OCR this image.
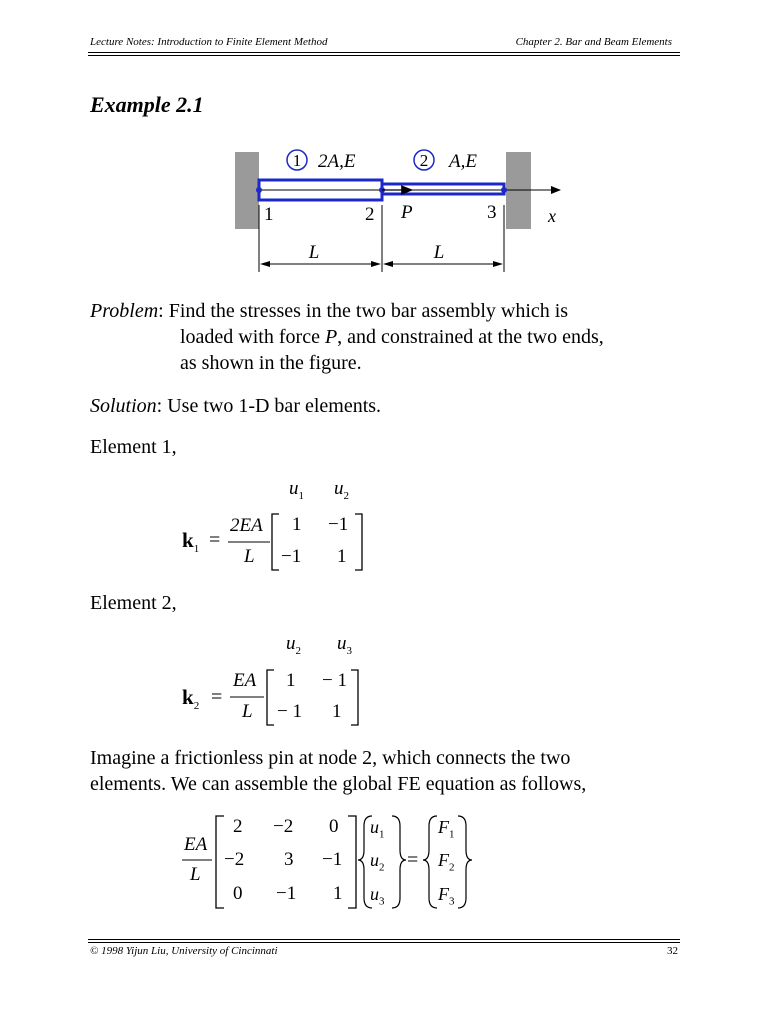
Lecture Notes: Introduction to Finite Element Method	Chapter 2. Bar and Beam Elements
Example 2.1
1 2A,E	2 A,E
1	2 P	3	x
L	L
Problem: Find the stresses in the two bar assembly which is
loaded with force P, and constrained at the two ends,
as shown in the figure.
Solution: Use two 1-D bar elements.
Element 1,
$u_1$ $u_2$
$k_1$ =
2EA
L
1 −1
−1 1
Element 2,
$u_2$ $u_3$
$k_2$ =
EA
L
1 − 1
− 1 1
Imagine a frictionless pin at node 2, which connects the two
elements. We can assemble the global FE equation as follows,
EA
L
2 −2 0
−2 3 −1
0 −1 1
$u_1$
$u_2$
$u_3$
=
$F_1$
$F_2$
$F_3$
© 1998 Yijun Liu, University of Cincinnati	32
